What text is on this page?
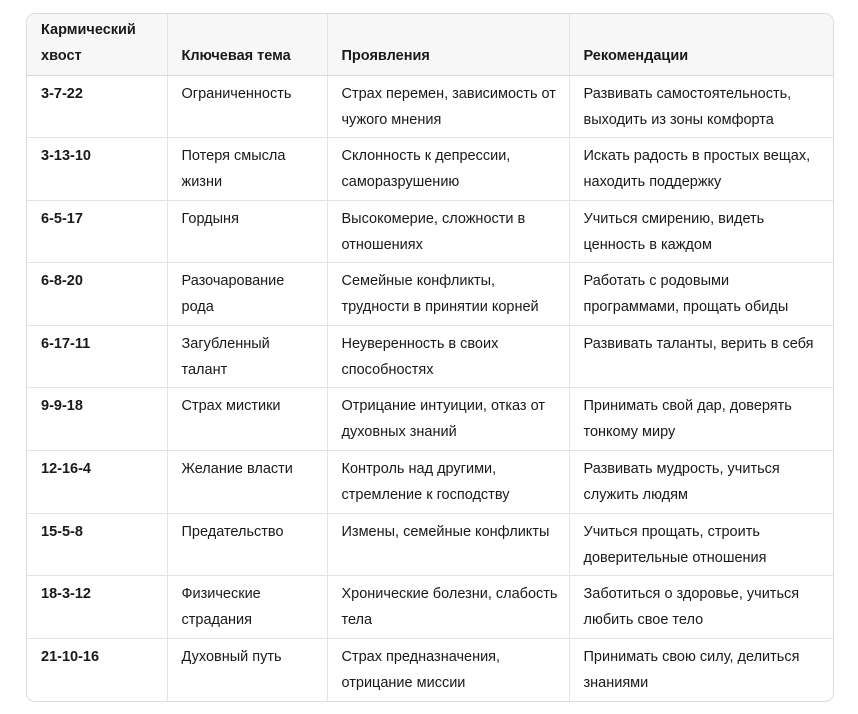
Кармический хвост	Ключевая тема	Проявления	Рекомендации
3-7-22	Ограниченность	Страх перемен, зависимость от чужого мнения	Развивать самостоятельность, выходить из зоны комфорта
3-13-10	Потеря смысла жизни	Склонность к депрессии, саморазрушению	Искать радость в простых вещах, находить поддержку
6-5-17	Гордыня	Высокомерие, сложности в отношениях	Учиться смирению, видеть ценность в каждом
6-8-20	Разочарование рода	Семейные конфликты, трудности в принятии корней	Работать с родовыми программами, прощать обиды
6-17-11	Загубленный талант	Неуверенность в своих способностях	Развивать таланты, верить в себя
9-9-18	Страх мистики	Отрицание интуиции, отказ от духовных знаний	Принимать свой дар, доверять тонкому миру
12-16-4	Желание власти	Контроль над другими, стремление к господству	Развивать мудрость, учиться служить людям
15-5-8	Предательство	Измены, семейные конфликты	Учиться прощать, строить доверительные отношения
18-3-12	Физические страдания	Хронические болезни, слабость тела	Заботиться о здоровье, учиться любить свое тело
21-10-16	Духовный путь	Страх предназначения, отрицание миссии	Принимать свою силу, делиться знаниями
